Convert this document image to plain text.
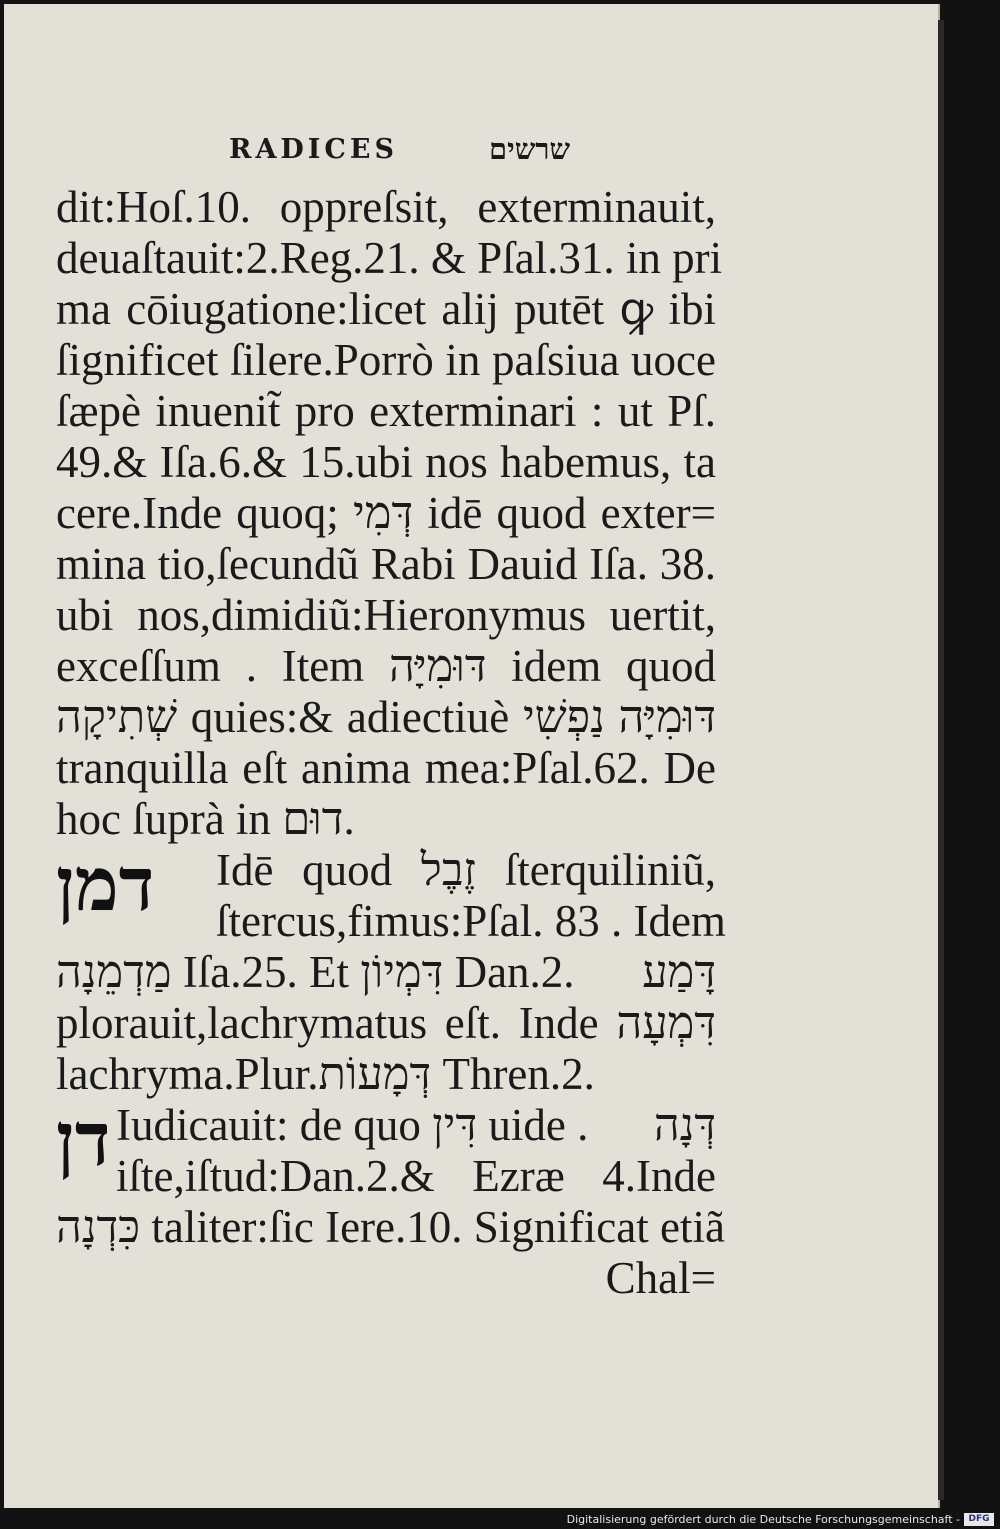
RADICES	שרשים
dit:Hoſ.10. oppreſsit, exterminauit,
deuaſtauit:2.Reg.21. & Pſal.31. in pri
ma cōiugatione:licet alij putēt ꝙ ibi
ſignificet ſilere.Porrò in paſsiua uoce
ſæpè inuenit̃ pro exterminari : ut Pſ.
49.& Iſa.6.& 15.ubi nos habemus, ta
cere.Inde quoq; דְּמִי idē quod exter=
mina tio,ſecundũ Rabi Dauid Iſa. 38.
ubi nos,dimidiũ:Hieronymus uertit,
exceſſum . Item דּוּמִיָּה idem quod
שְׁתִיקָה quies:& adiectiuè דּוּמִיָּה נַפְשִׁי
tranquilla eſt anima mea:Pſal.62. De
hoc ſuprà in דוּם.
דמן	Idē quod זֶבֶל ſterquiliniũ,
ſtercus,fimus:Pſal. 83 . Idem
מַדְמֵנָה Iſa.25. Et דִּמְיוֹן Dan.2. דָּמַע
plorauit,lachrymatus eſt. Inde דִּמְעָה
lachryma.Plur.דְּמָעוֹת Thren.2.
דן Iudicauit: de quo דִּין uide . דְּנָה
iſte,iſtud:Dan.2.& Ezræ 4.Inde
כִּדְנָה taliter:ſic Iere.10. Significat etiã
Chal=
Digitalisierung gefördert durch die Deutsche Forschungsgemeinschaft - DFG
